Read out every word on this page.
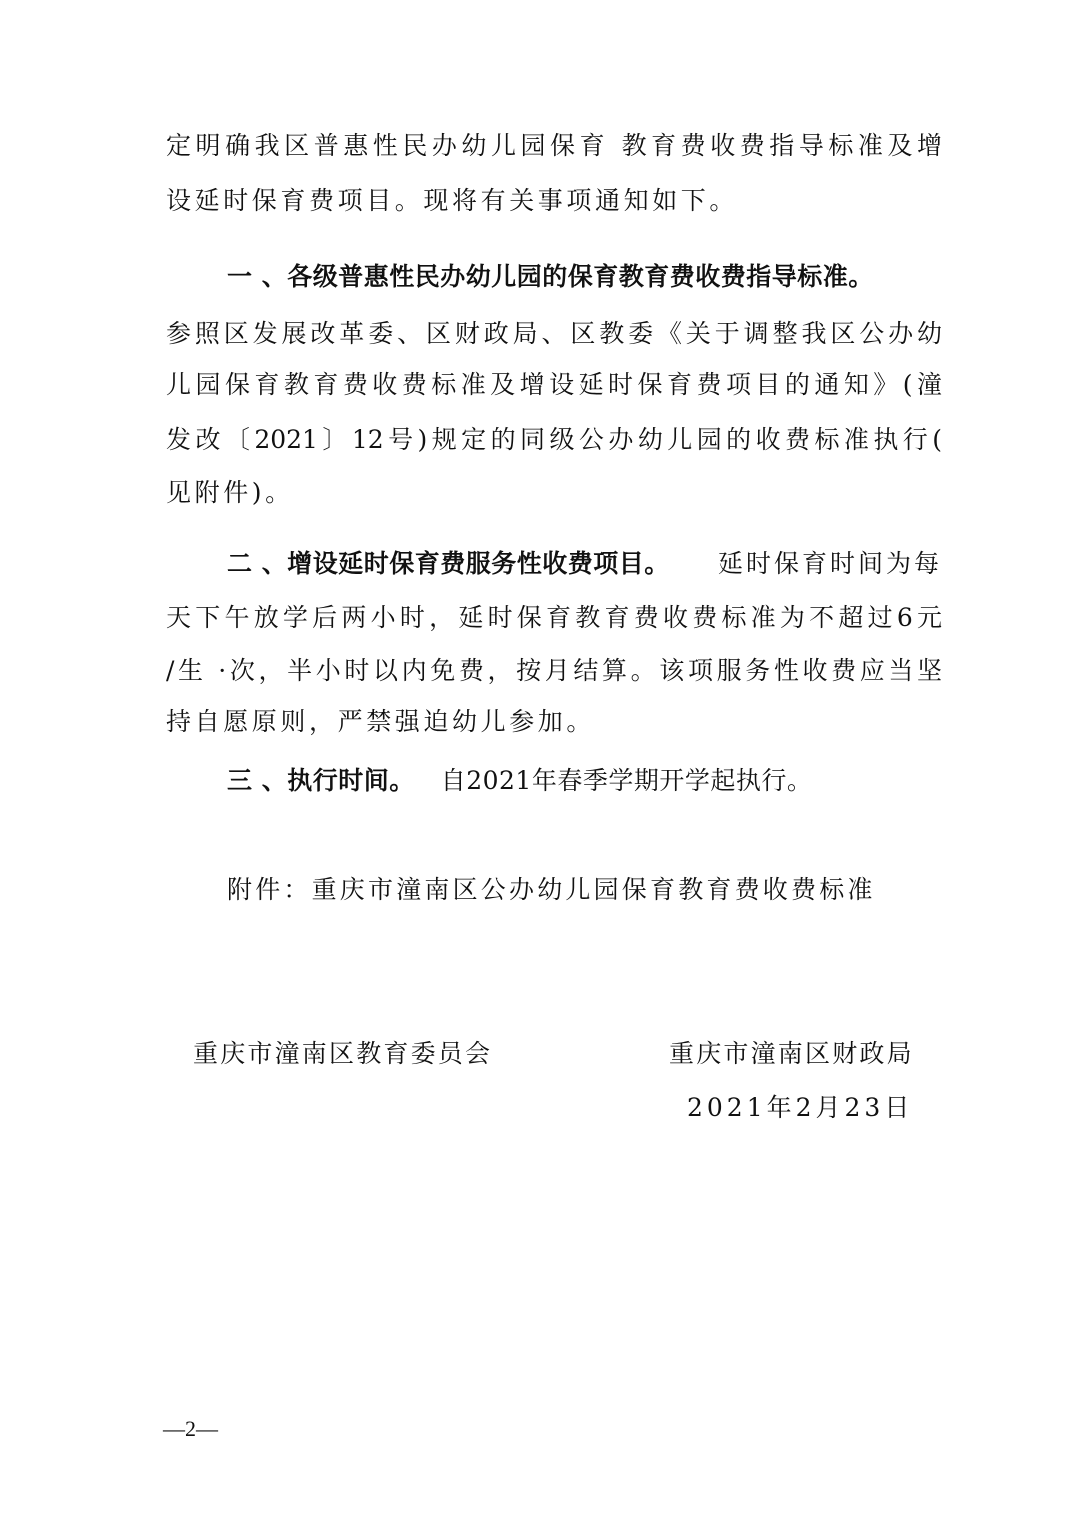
定明确我区普惠性民办幼儿园保育 教育费收费指导标准及增
设延时保育费项目。现将有关事项通知如下。
一 、各级普惠性民办幼儿园的保育教育费收费指导标准。
参照区发展改革委、区财政局、区教委《关于调整我区公办幼
儿园保育教育费收费标准及增设延时保育费项目的通知》(潼
发改〔2021〕12号)规定的同级公办幼儿园的收费标准执行(
见附件)。
二 、增设延时保育费服务性收费项目。 延时保育时间为每
天下午放学后两小时，延时保育教育费收费标准为不超过6元
/生 ·次，半小时以内免费，按月结算。该项服务性收费应当坚
持自愿原则，严禁强迫幼儿参加。
三 、执行时间。 自2021年春季学期开学起执行。
附件：重庆市潼南区公办幼儿园保育教育费收费标准
重庆市潼南区教育委员会	重庆市潼南区财政局
2021年2月23日
—2—
